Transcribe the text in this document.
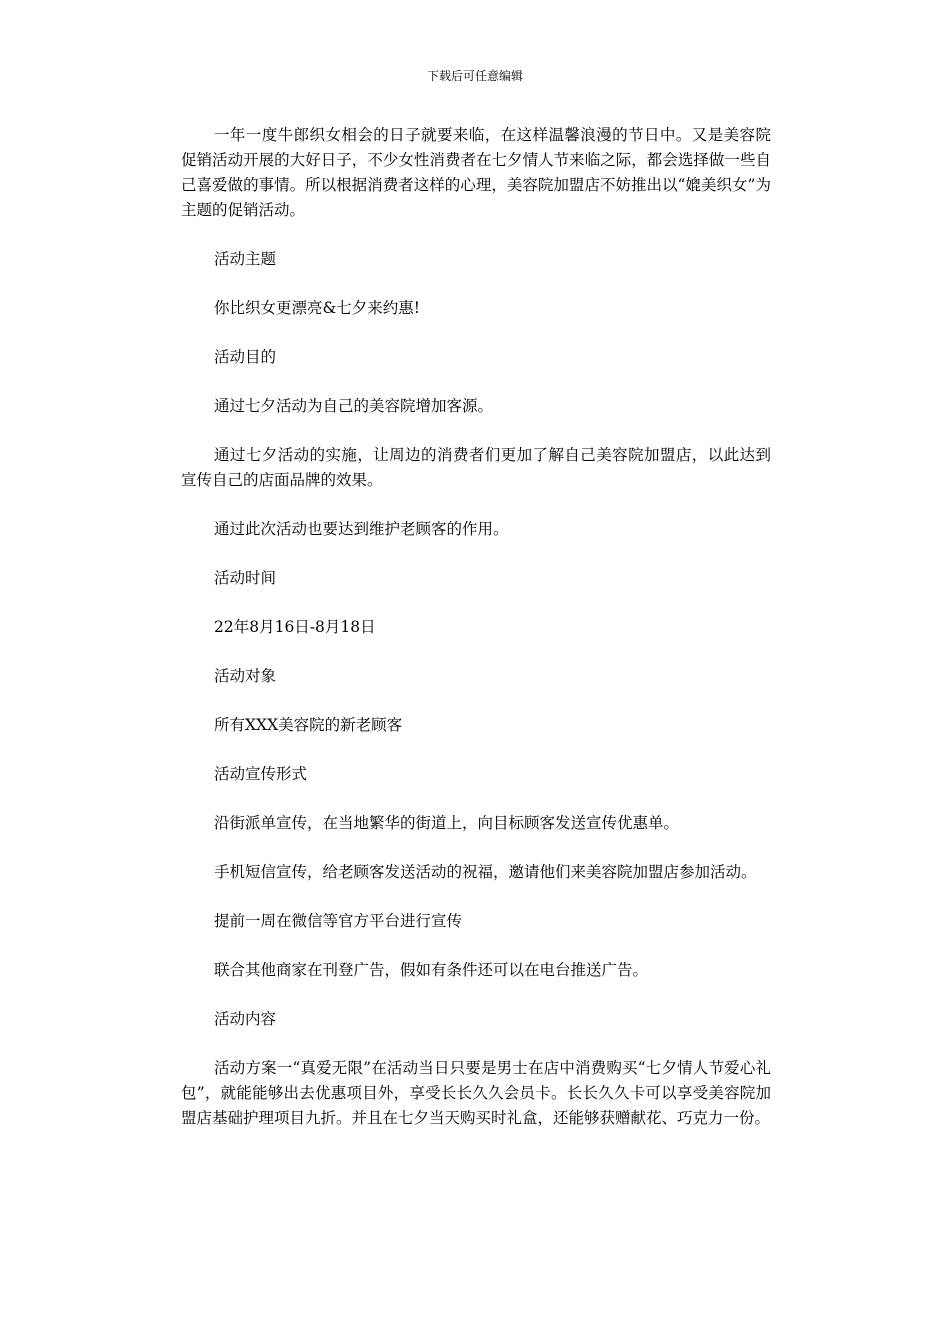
下载后可任意编辑

一年一度牛郎织女相会的日子就要来临，在这样温馨浪漫的节日中。又是美容院促销活动开展的大好日子，不少女性消费者在七夕情人节来临之际，都会选择做一些自己喜爱做的事情。所以根据消费者这样的心理，美容院加盟店不妨推出以“媲美织女”为主题的促销活动。

活动主题

你比织女更漂亮&七夕来约惠!

活动目的

通过七夕活动为自己的美容院增加客源。

通过七夕活动的实施，让周边的消费者们更加了解自己美容院加盟店，以此达到宣传自己的店面品牌的效果。

通过此次活动也要达到维护老顾客的作用。

活动时间

22年8月16日-8月18日

活动对象

所有XXX美容院的新老顾客

活动宣传形式

沿街派单宣传，在当地繁华的街道上，向目标顾客发送宣传优惠单。

手机短信宣传，给老顾客发送活动的祝福，邀请他们来美容院加盟店参加活动。

提前一周在微信等官方平台进行宣传

联合其他商家在刊登广告，假如有条件还可以在电台推送广告。

活动内容

活动方案一“真爱无限”在活动当日只要是男士在店中消费购买“七夕情人节爱心礼包”，就能能够出去优惠项目外，享受长长久久会员卡。长长久久卡可以享受美容院加盟店基础护理项目九折。并且在七夕当天购买时礼盒，还能够获赠献花、巧克力一份。
